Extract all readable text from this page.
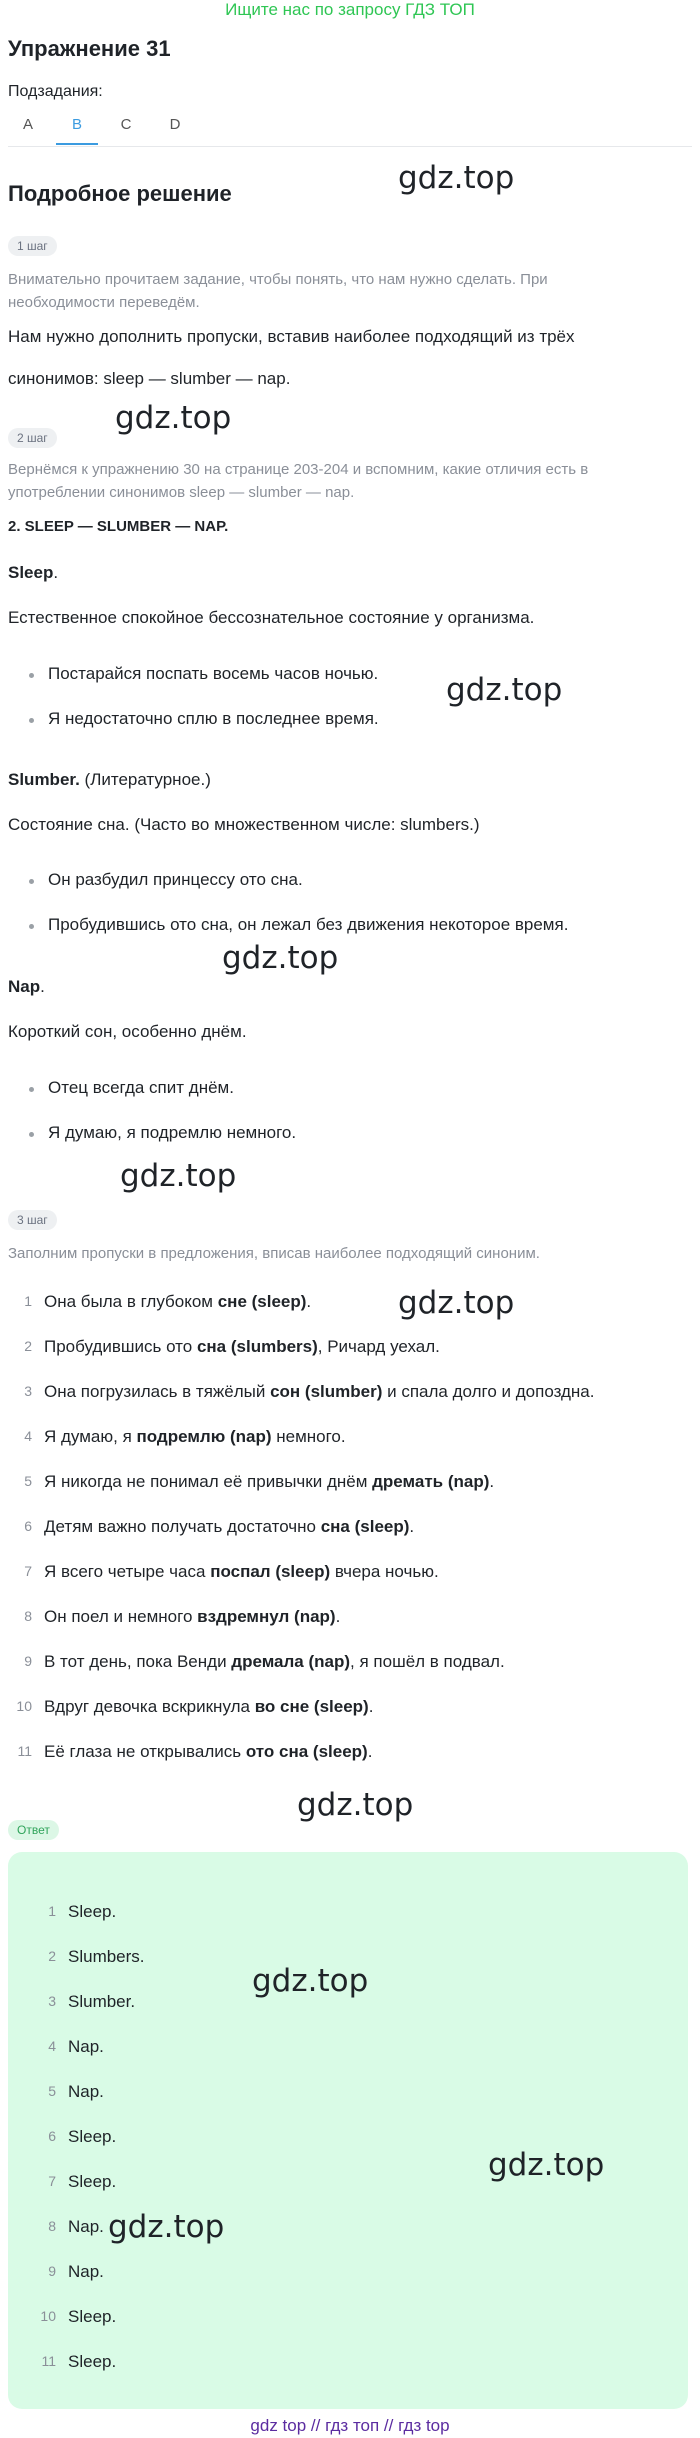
Ищите нас по запросу ГДЗ ТОП
Упражнение 31
Подзадания:
A	B	C	D
gdz.top
gdz.top
gdz.top
gdz.top
gdz.top
gdz.top
gdz.top
Подробное решение
1 шаг
Внимательно прочитаем задание, чтобы понять, что нам нужно сделать. При необходимости переведём.
Нам нужно дополнить пропуски, вставив наиболее подходящий из трёх
синонимов: sleep — slumber — nap.
2 шаг
Вернёмся к упражнению 30 на странице 203-204 и вспомним, какие отличия есть в употреблении синонимов sleep — slumber — nap.
2. SLEEP — SLUMBER — NAP.
Sleep.
Естественное спокойное бессознательное состояние у организма.
Постарайся поспать восемь часов ночью.
Я недостаточно сплю в последнее время.
Slumber. (Литературное.)
Состояние сна. (Часто во множественном числе: slumbers.)
Он разбудил принцессу ото сна.
Пробудившись ото сна, он лежал без движения некоторое время.
Nap.
Короткий сон, особенно днём.
Отец всегда спит днём.
Я думаю, я подремлю немного.
3 шаг
Заполним пропуски в предложения, вписав наиболее подходящий синоним.
1 Она была в глубоком сне (sleep).
2 Пробудившись ото сна (slumbers), Ричард уехал.
3 Она погрузилась в тяжёлый сон (slumber) и спала долго и допоздна.
4 Я думаю, я подремлю (nap) немного.
5 Я никогда не понимал её привычки днём дремать (nap).
6 Детям важно получать достаточно сна (sleep).
7 Я всего четыре часа поспал (sleep) вчера ночью.
8 Он поел и немного вздремнул (nap).
9 В тот день, пока Венди дремала (nap), я пошёл в подвал.
10 Вдруг девочка вскрикнула во сне (sleep).
11 Её глаза не открывались ото сна (sleep).
Ответ
1 Sleep.
2 Slumbers.
3 Slumber.
4 Nap.
5 Nap.
6 Sleep.
7 Sleep.
8 Nap.
9 Nap.
10 Sleep.
11 Sleep.
gdz.top
gdz.top
gdz.top
gdz top // гдз топ // гдз top
